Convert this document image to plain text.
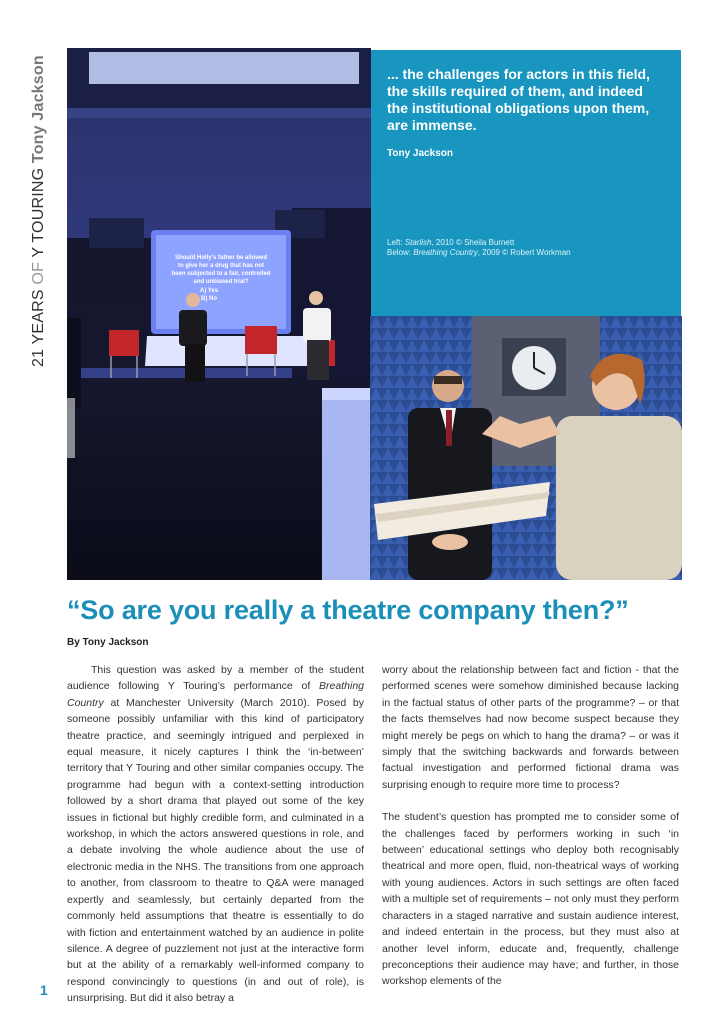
21 YEARS OF Y TOURING Tony Jackson
Should Holly's father be allowed
to give her a drug that has not
been subjected to a fair, controlled
and unbiased trial?
A) Yes
B) No
... the challenges for actors in this field, the skills required of them, and indeed the institutional obligations upon them, are immense.
Tony Jackson
Left: Starlish, 2010 © Sheila Burnett
Below: Breathing Country, 2009 © Robert Workman
“So are you really a theatre company then?”
By Tony Jackson

This question was asked by a member of the student audience following Y Touring’s performance of Breathing Country at Manchester University (March 2010). Posed by someone possibly unfamiliar with this kind of participatory theatre practice, and seemingly intrigued and perplexed in equal measure, it nicely captures I think the ‘in-between’ territory that Y Touring and other similar companies occupy. The programme had begun with a context-setting introduction followed by a short drama that played out some of the key issues in fictional but highly credible form, and culminated in a workshop, in which the actors answered questions in role, and a debate involving the whole audience about the use of electronic media in the NHS. The transitions from one approach to another, from classroom to theatre to Q&A were managed expertly and seamlessly, but certainly departed from the commonly held assumptions that theatre is essentially to do with fiction and entertainment watched by an audience in polite silence. A degree of puzzlement not just at the interactive form but at the ability of a remarkably well-informed company to respond convincingly to questions (in and out of role), is unsurprising. But did it also betray a

worry about the relationship between fact and fiction - that the performed scenes were somehow diminished because lacking in the factual status of other parts of the programme? – or that the facts themselves had now become suspect because they might merely be pegs on which to hang the drama? – or was it simply that the switching backwards and forwards between factual investigation and performed fictional drama was surprising enough to require more time to process?

The student’s question has prompted me to consider some of the challenges faced by performers working in such ‘in between’ educational settings who deploy both recognisably theatrical and more open, fluid, non-theatrical ways of working with young audiences. Actors in such settings are often faced with a multiple set of requirements – not only must they perform characters in a staged narrative and sustain audience interest, and indeed entertain in the process, but they must also at another level inform, educate and, frequently, challenge preconceptions their audience may have; and further, in those workshop elements of the

1
